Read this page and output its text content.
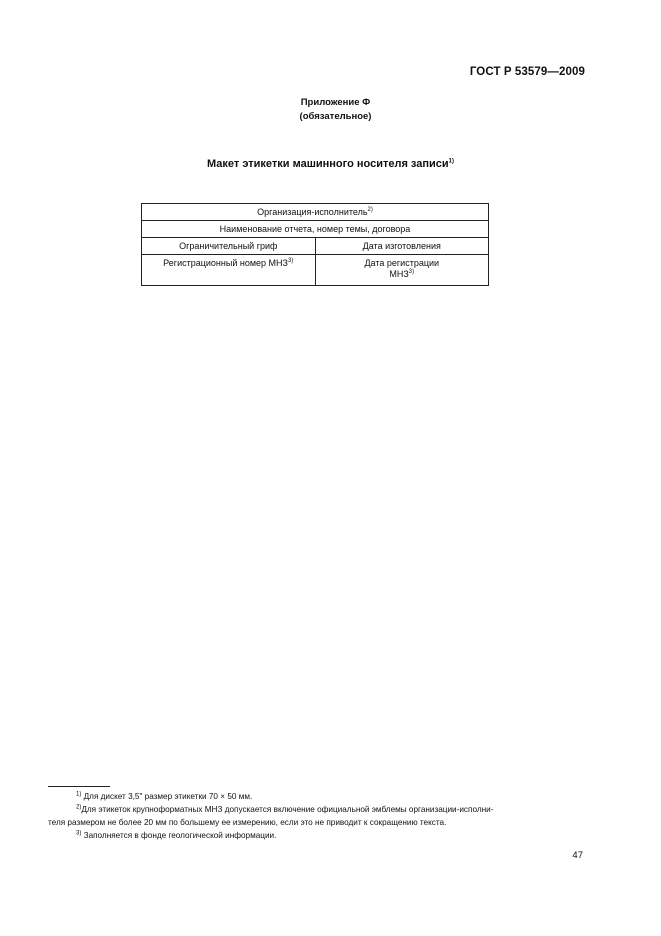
ГОСТ Р 53579—2009
Приложение Ф
(обязательное)
Макет этикетки машинного носителя записи$^{1)}$
Организация-исполнитель$^{2)}$
Наименование отчета, номер темы, договора	
Ограничительный гриф	Дата изготовления
Регистрационный номер МНЗ$^{3)}$	Дата регистрации
МНЗ$^{3)}$
$^{1)}$ Для дискет 3,5" размер этикетки 70 × 50 мм.
$^{2)}$Для этикеток крупноформатных МНЗ допускается включение официальной эмблемы организации-исполни-
теля размером не более 20 мм по большему ее измерению, если это не приводит к сокращению текста.
$^{3)}$ Заполняется в фонде геологической информации.
47
